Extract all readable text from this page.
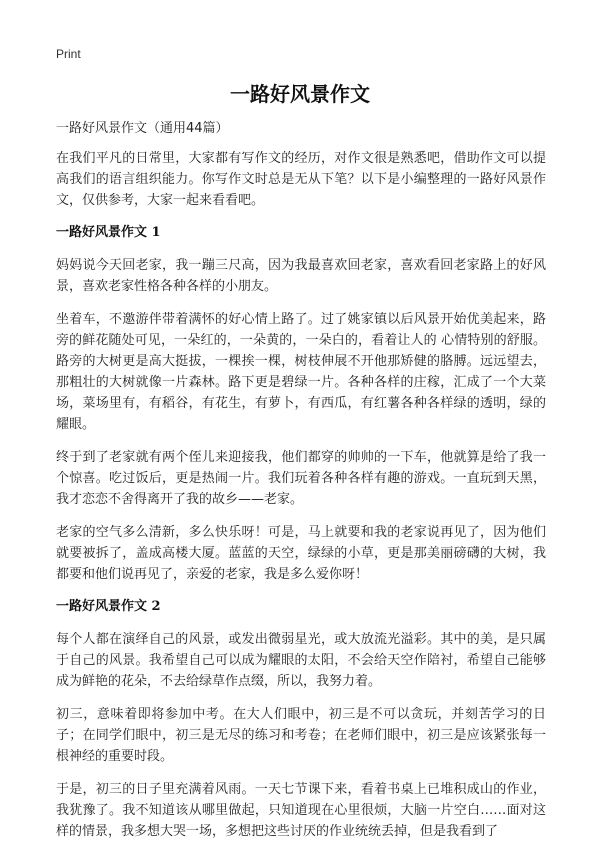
Print
一路好风景作文
一路好风景作文（通用44篇）

在我们平凡的日常里，大家都有写作文的经历，对作文很是熟悉吧，借助作文可以提高我们的语言组织能力。你写作文时总是无从下笔？以下是小编整理的一路好风景作文，仅供参考，大家一起来看看吧。

一路好风景作文 1

妈妈说今天回老家，我一蹦三尺高，因为我最喜欢回老家，喜欢看回老家路上的好风景，喜欢老家性格各种各样的小朋友。

坐着车，不邀游伴带着满怀的好心情上路了。过了姚家镇以后风景开始优美起来，路旁的鲜花随处可见，一朵红的，一朵黄的，一朵白的，看着让人的 心情特别的舒服。路旁的大树更是高大挺拔，一棵挨一棵，树枝伸展不开他那矫健的胳膊。远远望去，那粗壮的大树就像一片森林。路下更是碧绿一片。各种各样的庄稼，汇成了一个大菜场，菜场里有，有稻谷，有花生，有萝卜，有西瓜，有红薯各种各样绿的透明，绿的耀眼。

终于到了老家就有两个侄儿来迎接我，他们都穿的帅帅的一下车，他就算是给了我一个惊喜。吃过饭后，更是热闹一片。我们玩着各种各样有趣的游戏。一直玩到天黑，我才恋恋不舍得离开了我的故乡——老家。

老家的空气多么清新，多么快乐呀！可是，马上就要和我的老家说再见了，因为他们就要被拆了，盖成高楼大厦。蓝蓝的天空，绿绿的小草，更是那美丽磅礴的大树，我都要和他们说再见了，亲爱的老家，我是多么爱你呀！

一路好风景作文 2

每个人都在演绎自己的风景，或发出微弱星光，或大放流光溢彩。其中的美，是只属于自己的风景。我希望自己可以成为耀眼的太阳，不会给天空作陪衬，希望自己能够成为鲜艳的花朵，不去给绿草作点缀，所以，我努力着。

初三，意味着即将参加中考。在大人们眼中，初三是不可以贪玩，并刻苦学习的日子；在同学们眼中，初三是无尽的练习和考卷；在老师们眼中，初三是应该紧张每一根神经的重要时段。

于是，初三的日子里充满着风雨。一天七节课下来，看着书桌上已堆积成山的作业，我犹豫了。我不知道该从哪里做起，只知道现在心里很烦，大脑一片空白……面对这样的情景，我多想大哭一场，多想把这些讨厌的作业统统丢掉，但是我看到了
